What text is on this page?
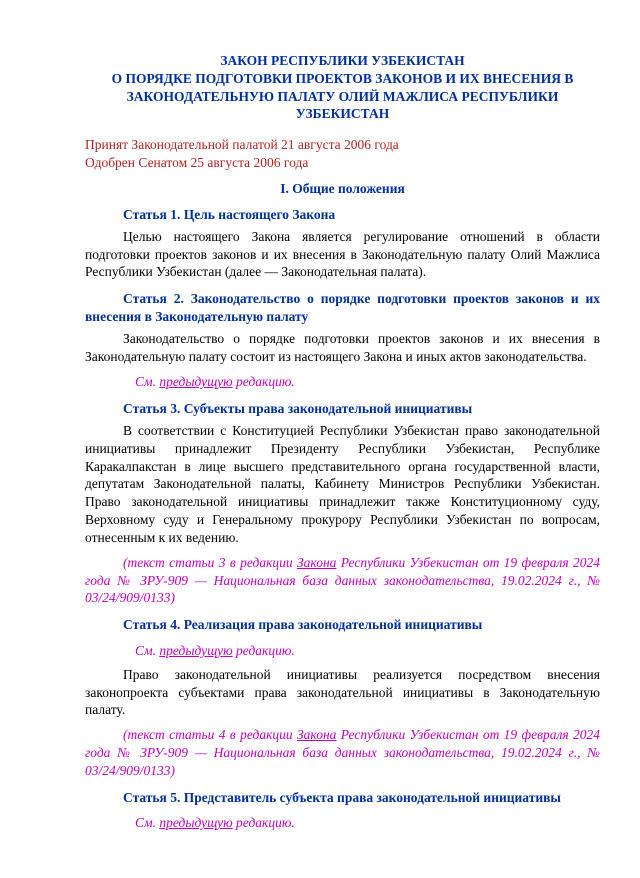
ЗАКОН РЕСПУБЛИКИ УЗБЕКИСТАН
О ПОРЯДКЕ ПОДГОТОВКИ ПРОЕКТОВ ЗАКОНОВ И ИХ ВНЕСЕНИЯ В ЗАКОНОДАТЕЛЬНУЮ ПАЛАТУ ОЛИЙ МАЖЛИСА РЕСПУБЛИКИ УЗБЕКИСТАН
Принят Законодательной палатой 21 августа 2006 года
Одобрен Сенатом 25 августа 2006 года
I. Общие положения

Статья 1. Цель настоящего Закона

Целью настоящего Закона является регулирование отношений в области подготовки проектов законов и их внесения в Законодательную палату Олий Мажлиса Республики Узбекистан (далее — Законодательная палата).

Статья 2. Законодательство о порядке подготовки проектов законов и их внесения в Законодательную палату

Законодательство о порядке подготовки проектов законов и их внесения в Законодательную палату состоит из настоящего Закона и иных актов законодательства.

См. предыдущую редакцию.

Статья 3. Субъекты права законодательной инициативы

В соответствии с Конституцией Республики Узбекистан право законодательной инициативы принадлежит Президенту Республики Узбекистан, Республике Каракалпакстан в лице высшего представительного органа государственной власти, депутатам Законодательной палаты, Кабинету Министров Республики Узбекистан. Право законодательной инициативы принадлежит также Конституционному суду, Верховному суду и Генеральному прокурору Республики Узбекистан по вопросам, отнесенным к их ведению.

(текст статьи 3 в редакции Закона Республики Узбекистан от 19 февраля 2024 года № ЗРУ-909 — Национальная база данных законодательства, 19.02.2024 г., № 03/24/909/0133)

Статья 4. Реализация права законодательной инициативы

См. предыдущую редакцию.

Право законодательной инициативы реализуется посредством внесения законопроекта субъектами права законодательной инициативы в Законодательную палату.

(текст статьи 4 в редакции Закона Республики Узбекистан от 19 февраля 2024 года № ЗРУ-909 — Национальная база данных законодательства, 19.02.2024 г., № 03/24/909/0133)

Статья 5. Представитель субъекта права законодательной инициативы

См. предыдущую редакцию.
